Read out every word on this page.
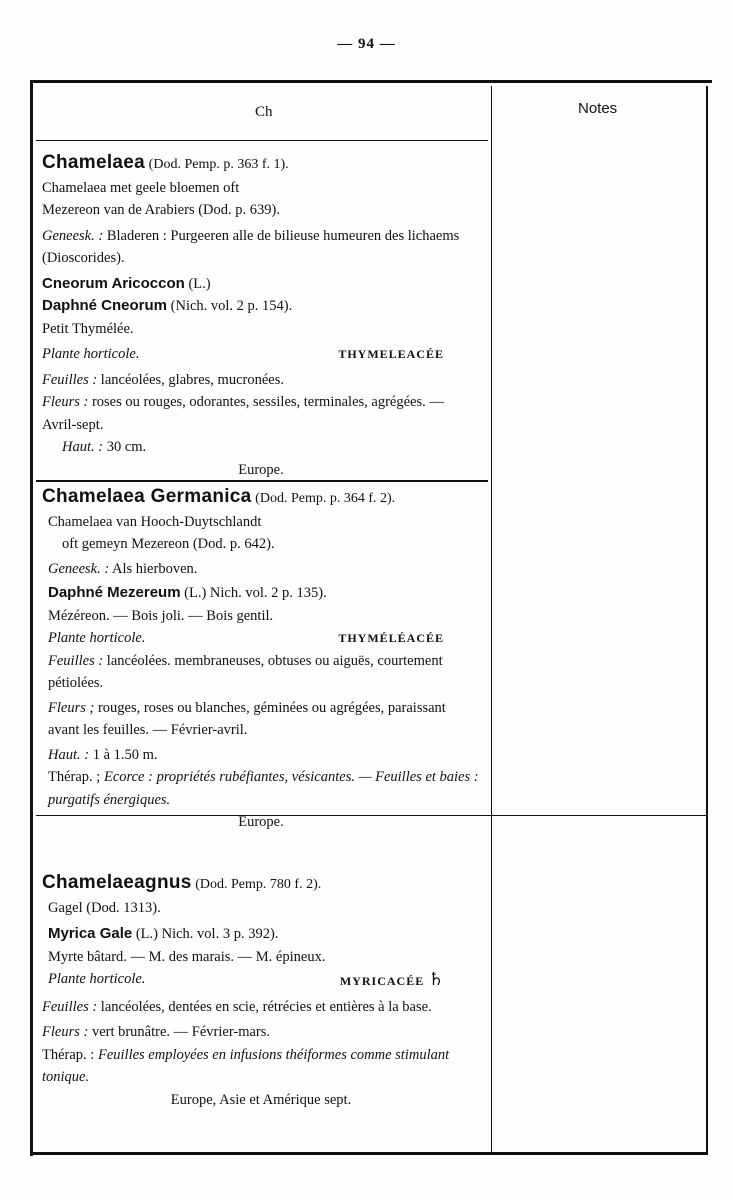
— 94 —
Ch	Notes

Chamelaea (Dod. Pemp. p. 363 f. 1).

Chamelaea met geele bloemen oft

Mezereon van de Arabiers (Dod. p. 639).

Geneesk. : Bladeren : Purgeeren alle de bilieuse humeuren des lichaems (Dioscorides).

Cneorum Aricoccon (L.)

Daphné Cneorum (Nich. vol. 2 p. 154).

Petit Thymélée.

Plante horticole.	THYMELEACÉE

Feuilles : lancéolées, glabres, mucronées.

Fleurs : roses ou rouges, odorantes, sessiles, terminales, agrégées. — Avril-sept.

Haut. : 30 cm.

Europe.

Chamelaea Germanica (Dod. Pemp. p. 364 f. 2).

Chamelaea van Hooch-Duytschlandt

oft gemeyn Mezereon (Dod. p. 642).

Geneesk. : Als hierboven.

Daphné Mezereum (L.) Nich. vol. 2 p. 135).

Mézéreon. — Bois joli. — Bois gentil.

Plante horticole.	THYMÉLÉACÉE

Feuilles : lancéolées. membraneuses, obtuses ou aiguës, courtement pétiolées.

Fleurs ; rouges, roses ou blanches, géminées ou agrégées, paraissant avant les feuilles. — Février-avril.

Haut. : 1 à 1.50 m.

Thérap. ; Ecorce : propriétés rubéfiantes, vésicantes. — Feuilles et baies : purgatifs énergiques.

Europe.

Chamelaeagnus (Dod. Pemp. 780 f. 2).

Gagel (Dod. 1313).

Myrica Gale (L.) Nich. vol. 3 p. 392).

Myrte bâtard. — M. des marais. — M. épineux.

Plante horticole.	MYRICACÉE ♄

Feuilles : lancéolées, dentées en scie, rétrécies et entières à la base.

Fleurs : vert brunâtre. — Février-mars.

Thérap. : Feuilles employées en infusions théiformes comme stimulant tonique.

Europe, Asie et Amérique sept.
